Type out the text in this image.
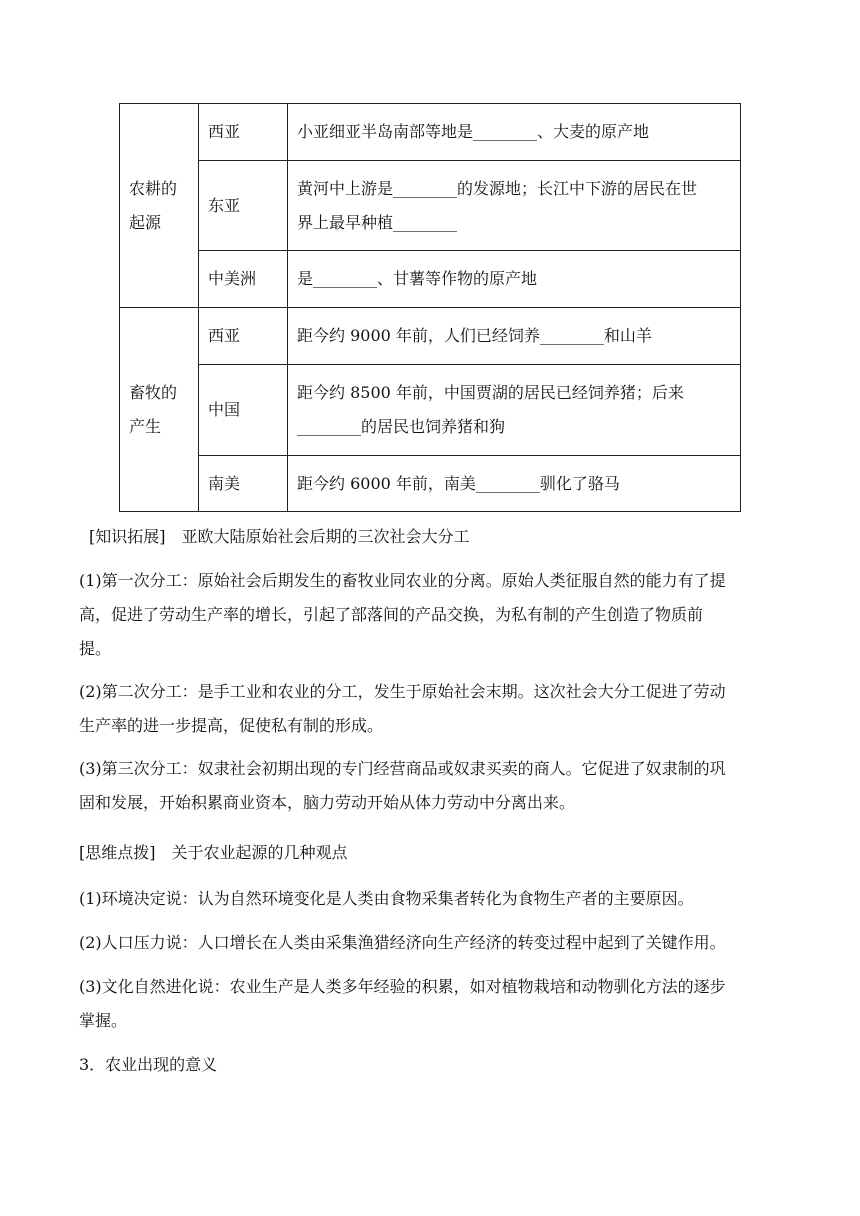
农耕的
起源	西亚	小亚细亚半岛南部等地是________、大麦的原产地
	东亚	黄河中上游是________的发源地；长江中下游的居民在世
界上最早种植________

	中美洲	是________、甘薯等作物的原产地

畜牧的
产生	西亚	距今约 9000 年前，人们已经饲养________和山羊
	中国	距今约 8500 年前，中国贾湖的居民已经饲养猪；后来
________的居民也饲养猪和狗

	南美	距今约 6000 年前，南美________驯化了骆马
[知识拓展]　亚欧大陆原始社会后期的三次社会大分工
(1)第一次分工：原始社会后期发生的畜牧业同农业的分离。原始人类征服自然的能力有了提
高，促进了劳动生产率的增长，引起了部落间的产品交换，为私有制的产生创造了物质前
提。
(2)第二次分工：是手工业和农业的分工，发生于原始社会末期。这次社会大分工促进了劳动
生产率的进一步提高，促使私有制的形成。
(3)第三次分工：奴隶社会初期出现的专门经营商品或奴隶买卖的商人。它促进了奴隶制的巩
固和发展，开始积累商业资本，脑力劳动开始从体力劳动中分离出来。
[思维点拨]　关于农业起源的几种观点
(1)环境决定说：认为自然环境变化是人类由食物采集者转化为食物生产者的主要原因。
(2)人口压力说：人口增长在人类由采集渔猎经济向生产经济的转变过程中起到了关键作用。
(3)文化自然进化说：农业生产是人类多年经验的积累，如对植物栽培和动物驯化方法的逐步
掌握。
3．农业出现的意义
